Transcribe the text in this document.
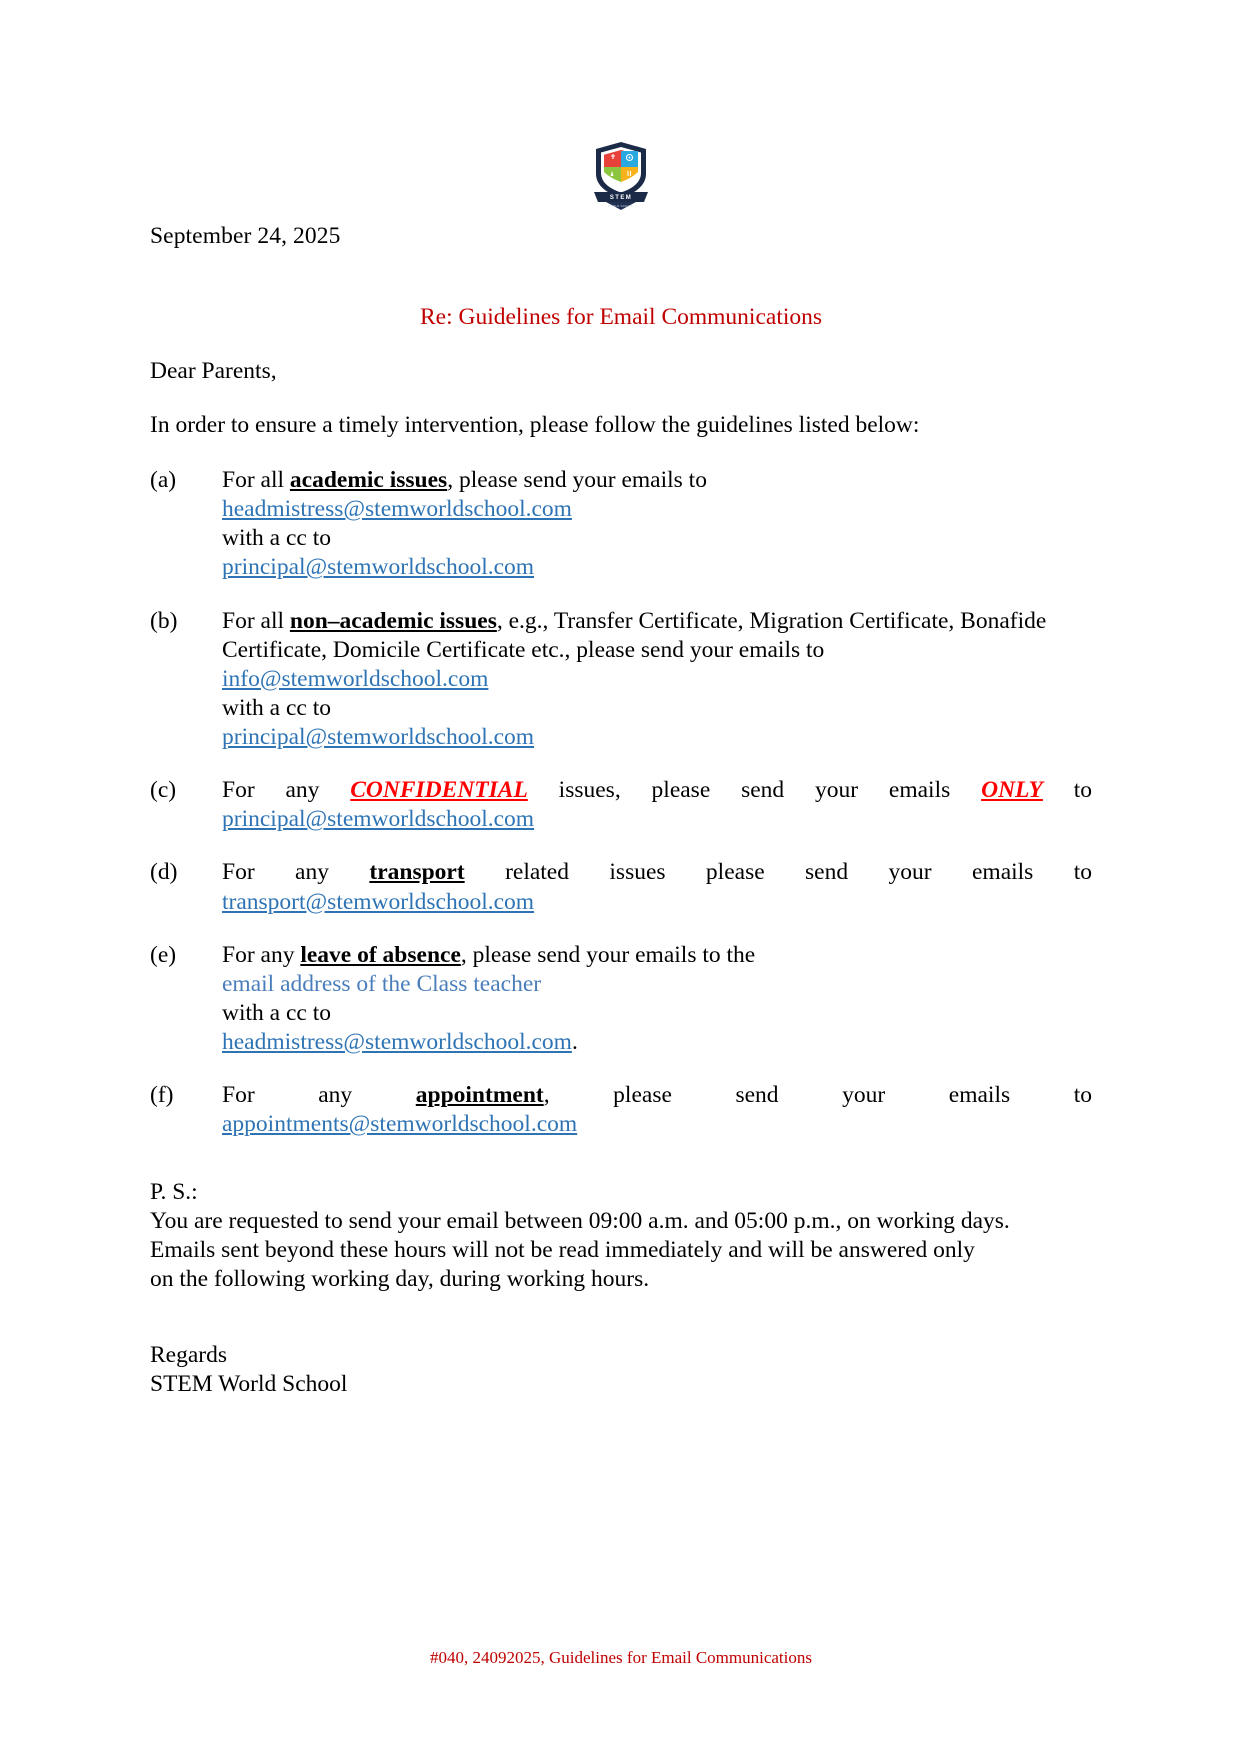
STEM
WORLD SCHOOL
September 24, 2025
Re: Guidelines for Email Communications
Dear Parents,
In order to ensure a timely intervention, please follow the guidelines listed below:
(a)	For all academic issues, please send your emails to
headmistress@stemworldschool.com
with a cc to
principal@stemworldschool.com
(b)	For all non–academic issues, e.g., Transfer Certificate, Migration Certificate, Bonafide Certificate, Domicile Certificate etc., please send your emails to
info@stemworldschool.com
with a cc to
principal@stemworldschool.com
(c)	For any CONFIDENTIAL issues, please send your emails ONLY to
principal@stemworldschool.com
(d)	For any transport related issues please send your emails to
transport@stemworldschool.com
(e)	For any leave of absence, please send your emails to the
email address of the Class teacher
with a cc to
headmistress@stemworldschool.com.
(f)	For any appointment, please send your emails to
appointments@stemworldschool.com
P. S.:
You are requested to send your email between 09:00 a.m. and 05:00 p.m., on working days.
Emails sent beyond these hours will not be read immediately and will be answered only
on the following working day, during working hours.
Regards
STEM World School
#040, 24092025, Guidelines for Email Communications
